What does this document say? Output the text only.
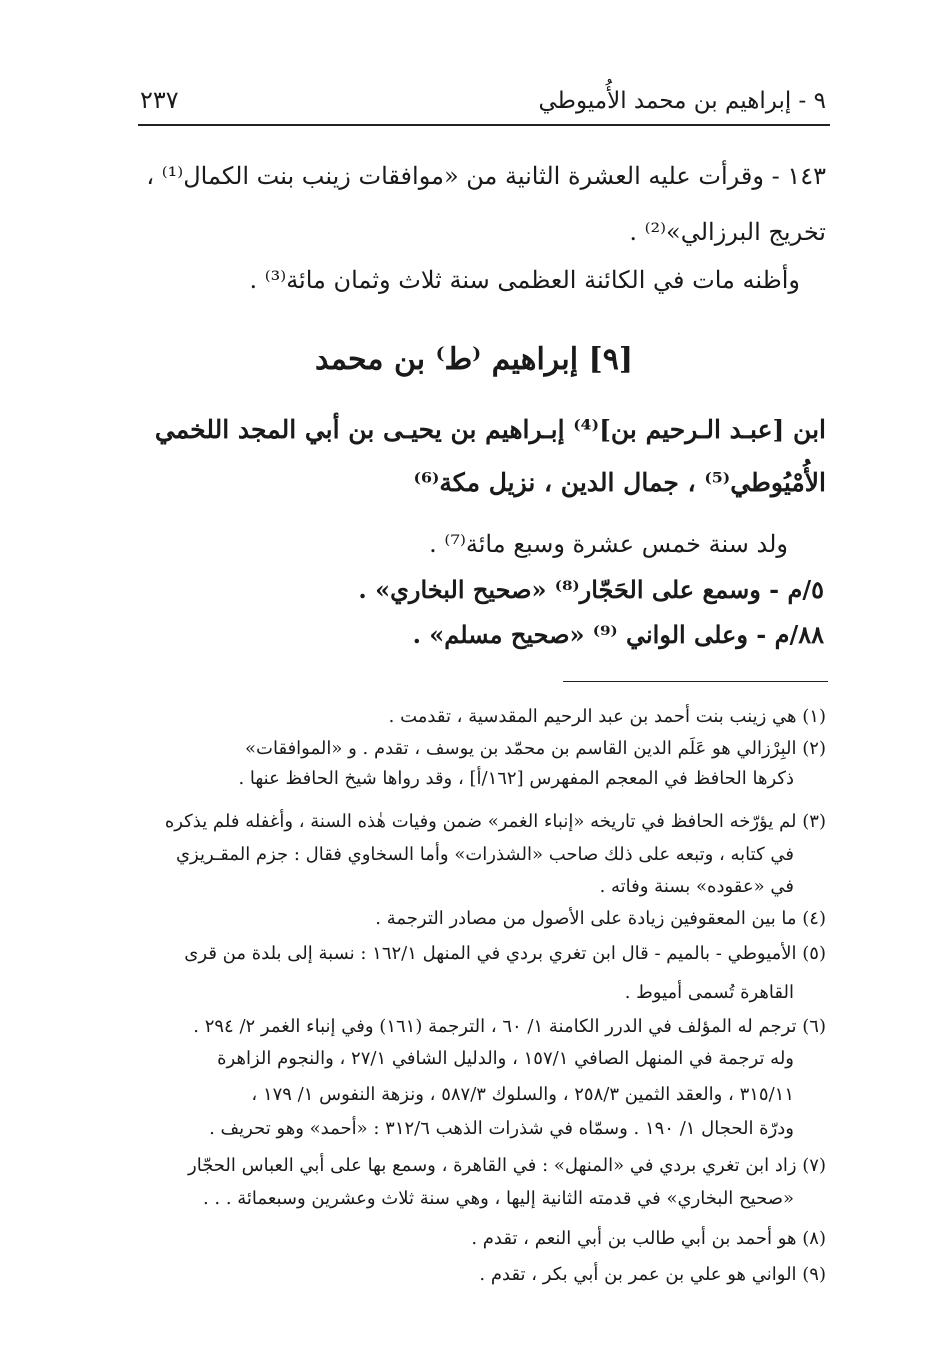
٩ - إبراهيم بن محمد الأُميوطي
٢٣٧
١٤٣ - وقرأت عليه العشرة الثانية من «موافقات زينب بنت الكمال⁽¹⁾ ،
تخريج البرزالي»⁽²⁾ .
وأظنه مات في الكائنة العظمى سنة ثلاث وثمان مائة⁽³⁾ .
[٩] إبراهيم ⁽ط⁾ بن محمد
ابن [عبـد الـرحيم بن]⁽⁴⁾ إبـراهيم بن يحيـى بن أبي المجد اللخمي
الأُمْيُوطي⁽⁵⁾ ، جمال الدين ، نزيل مكة⁽⁶⁾
ولد سنة خمس عشرة وسبع مائة⁽⁷⁾ .
٥/م - وسمع على الحَجّار⁽⁸⁾ «صحيح البخاري» .
٨٨/م - وعلى الواني ⁽⁹⁾ «صحيح مسلم» .
(١) هي زينب بنت أحمد بن عبد الرحيم المقدسية ، تقدمت .
(٢) البِرْزالي هو عَلَم الدين القاسم بن محمّد بن يوسف ، تقدم . و «الموافقات»
ذكرها الحافظ في المعجم المفهرس [١٦٢/أ] ، وقد رواها شيخ الحافظ عنها .
(٣) لم يؤرّخه الحافظ في تاريخه «إنباء الغمر» ضمن وفيات هٰذه السنة ، وأغفله فلم يذكره
في كتابه ، وتبعه على ذلك صاحب «الشذرات» وأما السخاوي فقال : جزم المقـريزي
في «عقوده» بسنة وفاته .
(٤) ما بين المعقوفين زيادة على الأصول من مصادر الترجمة .
(٥) الأميوطي - بالميم - قال ابن تغري بردي في المنهل ١٦٢/١ : نسبة إلى بلدة من قرى
القاهرة تُسمى أميوط .
(٦) ترجم له المؤلف في الدرر الكامنة ١/ ٦٠ ، الترجمة (١٦١) وفي إنباء الغمر ٢/ ٢٩٤ .
وله ترجمة في المنهل الصافي ١٥٧/١ ، والدليل الشافي ٢٧/١ ، والنجوم الزاهرة
٣١٥/١١ ، والعقد الثمين ٢٥٨/٣ ، والسلوك ٥٨٧/٣ ، ونزهة النفوس ١/ ١٧٩ ،
ودرّة الحجال ١/ ١٩٠ . وسمّاه في شذرات الذهب ٣١٢/٦ : «أحمد» وهو تحريف .
(٧) زاد ابن تغري بردي في «المنهل» : في القاهرة ، وسمع بها على أبي العباس الحجّار
«صحيح البخاري» في قدمته الثانية إليها ، وهي سنة ثلاث وعشرين وسبعمائة . . .
(٨) هو أحمد بن أبي طالب بن أبي النعم ، تقدم .
(٩) الواني هو علي بن عمر بن أبي بكر ، تقدم .
